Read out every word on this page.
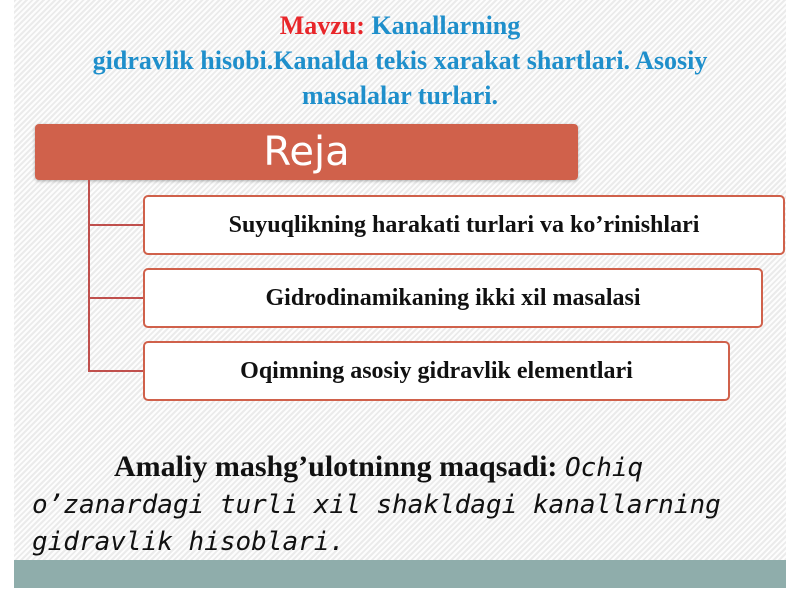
Mavzu: Kanallarning
gidravlik hisobi.Kanalda tekis xarakat shartlari. Asosiy
masalalar turlari.
Reja
Suyuqlikning harakati turlari va ko’rinishlari
Gidrodinamikaning ikki xil masalasi
Oqimning asosiy gidravlik elementlari
Amaliy mashg’ulotninng maqsadi: Ochiq o’zanardagi turli xil shakldagi kanallarning gidravlik hisoblari.
